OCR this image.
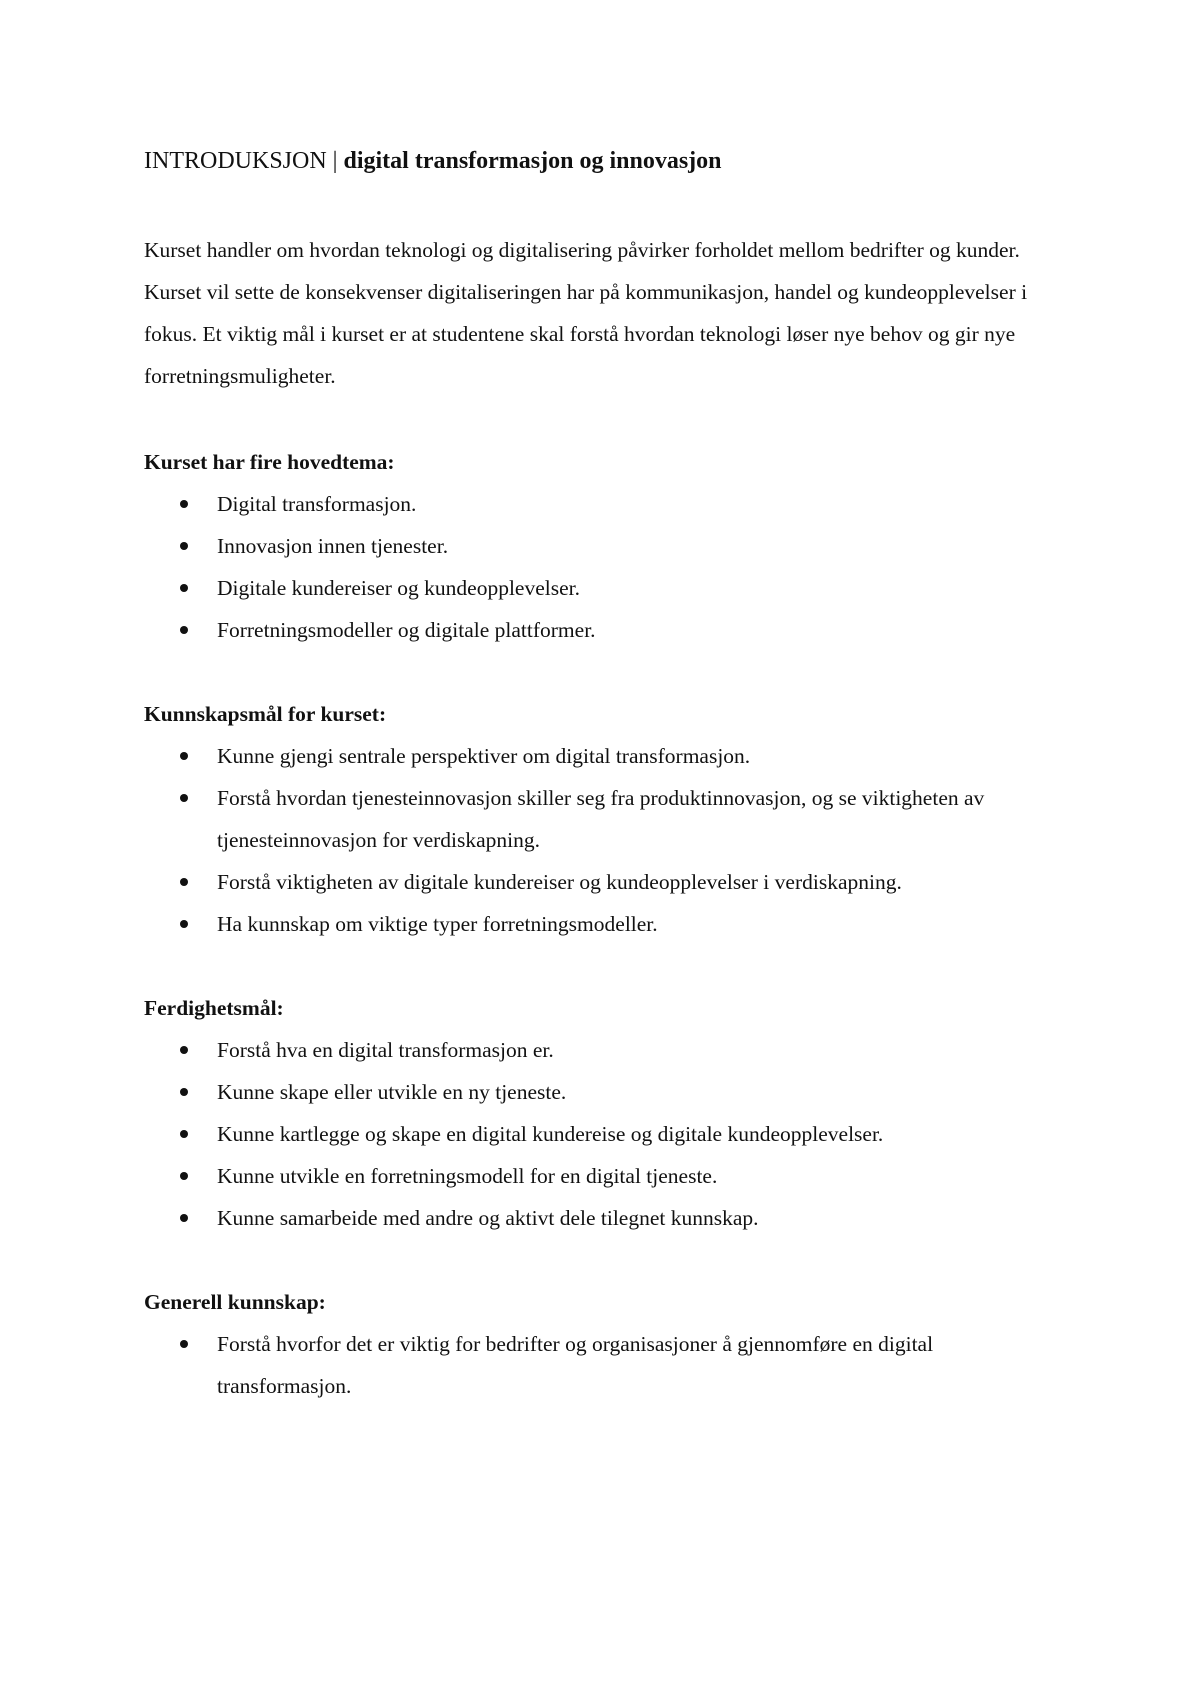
INTRODUKSJON | digital transformasjon og innovasjon

Kurset handler om hvordan teknologi og digitalisering påvirker forholdet mellom bedrifter og kunder. Kurset vil sette de konsekvenser digitaliseringen har på kommunikasjon, handel og kundeopplevelser i fokus. Et viktig mål i kurset er at studentene skal forstå hvordan teknologi løser nye behov og gir nye forretningsmuligheter.

Kurset har fire hovedtema:
Digital transformasjon.
Innovasjon innen tjenester.
Digitale kundereiser og kundeopplevelser.
Forretningsmodeller og digitale plattformer.
Kunnskapsmål for kurset:
Kunne gjengi sentrale perspektiver om digital transformasjon.
Forstå hvordan tjenesteinnovasjon skiller seg fra produktinnovasjon, og se viktigheten av tjenesteinnovasjon for verdiskapning.
Forstå viktigheten av digitale kundereiser og kundeopplevelser i verdiskapning.
Ha kunnskap om viktige typer forretningsmodeller.
Ferdighetsmål:
Forstå hva en digital transformasjon er.
Kunne skape eller utvikle en ny tjeneste.
Kunne kartlegge og skape en digital kundereise og digitale kundeopplevelser.
Kunne utvikle en forretningsmodell for en digital tjeneste.
Kunne samarbeide med andre og aktivt dele tilegnet kunnskap.
Generell kunnskap:
Forstå hvorfor det er viktig for bedrifter og organisasjoner å gjennomføre en digital transformasjon.
